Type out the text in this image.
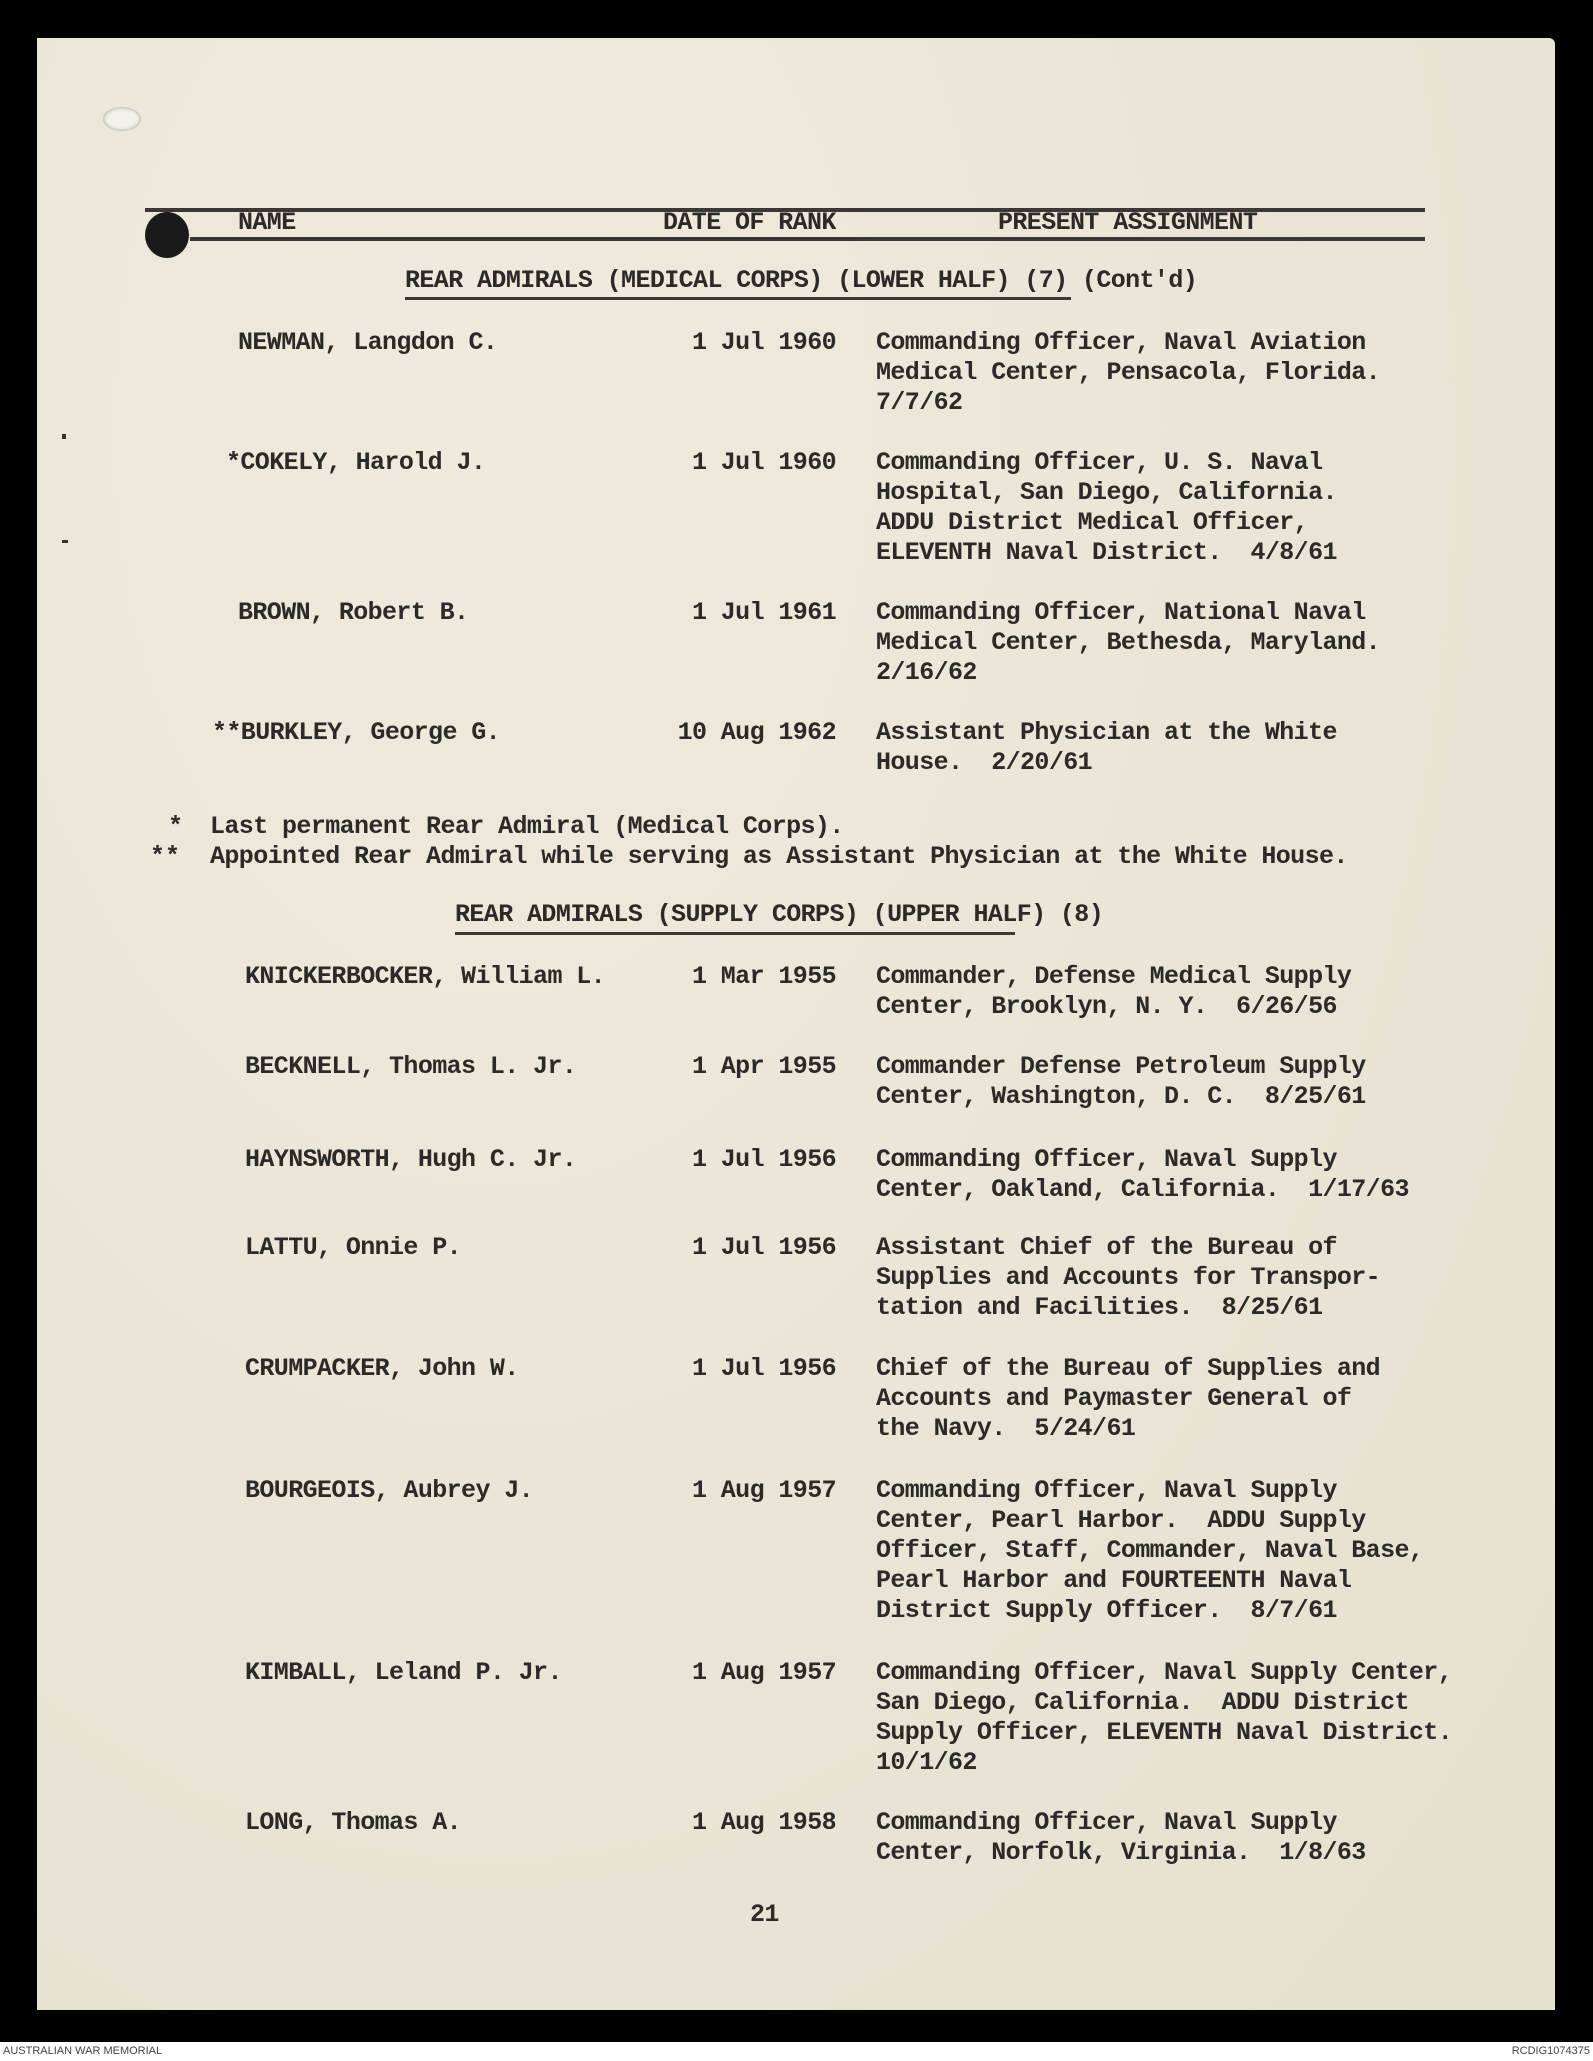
NAME	DATE OF RANK	PRESENT ASSIGNMENT
REAR ADMIRALS (MEDICAL CORPS) (LOWER HALF) (7) (Cont'd)
NEWMAN, Langdon C.	1 Jul 1960 Commanding Officer, Naval Aviation
Medical Center, Pensacola, Florida.
7/7/62
*COKELY, Harold J.	1 Jul 1960 Commanding Officer, U. S. Naval
Hospital, San Diego, California.
ADDU District Medical Officer,
ELEVENTH Naval District.  4/8/61
BROWN, Robert B.	1 Jul 1961 Commanding Officer, National Naval
Medical Center, Bethesda, Maryland.
2/16/62
**BURKLEY, George G.	10 Aug 1962 Assistant Physician at the White
House.  2/20/61
* Last permanent Rear Admiral (Medical Corps).
** Appointed Rear Admiral while serving as Assistant Physician at the White House.
REAR ADMIRALS (SUPPLY CORPS) (UPPER HALF) (8)
KNICKERBOCKER, William L.	1 Mar 1955 Commander, Defense Medical Supply
Center, Brooklyn, N. Y.  6/26/56
BECKNELL, Thomas L. Jr.	1 Apr 1955 Commander Defense Petroleum Supply
Center, Washington, D. C.  8/25/61
HAYNSWORTH, Hugh C. Jr.	1 Jul 1956 Commanding Officer, Naval Supply
Center, Oakland, California.  1/17/63
LATTU, Onnie P.	1 Jul 1956 Assistant Chief of the Bureau of
Supplies and Accounts for Transpor-
tation and Facilities.  8/25/61
CRUMPACKER, John W.	1 Jul 1956 Chief of the Bureau of Supplies and
Accounts and Paymaster General of
the Navy.  5/24/61
BOURGEOIS, Aubrey J.	1 Aug 1957 Commanding Officer, Naval Supply
Center, Pearl Harbor.  ADDU Supply
Officer, Staff, Commander, Naval Base,
Pearl Harbor and FOURTEENTH Naval
District Supply Officer.  8/7/61
KIMBALL, Leland P. Jr.	1 Aug 1957 Commanding Officer, Naval Supply Center,
San Diego, California.  ADDU District
Supply Officer, ELEVENTH Naval District.
10/1/62
LONG, Thomas A.	1 Aug 1958 Commanding Officer, Naval Supply
Center, Norfolk, Virginia.  1/8/63
21
AUSTRALIAN WAR MEMORIAL	RCDIG1074375
